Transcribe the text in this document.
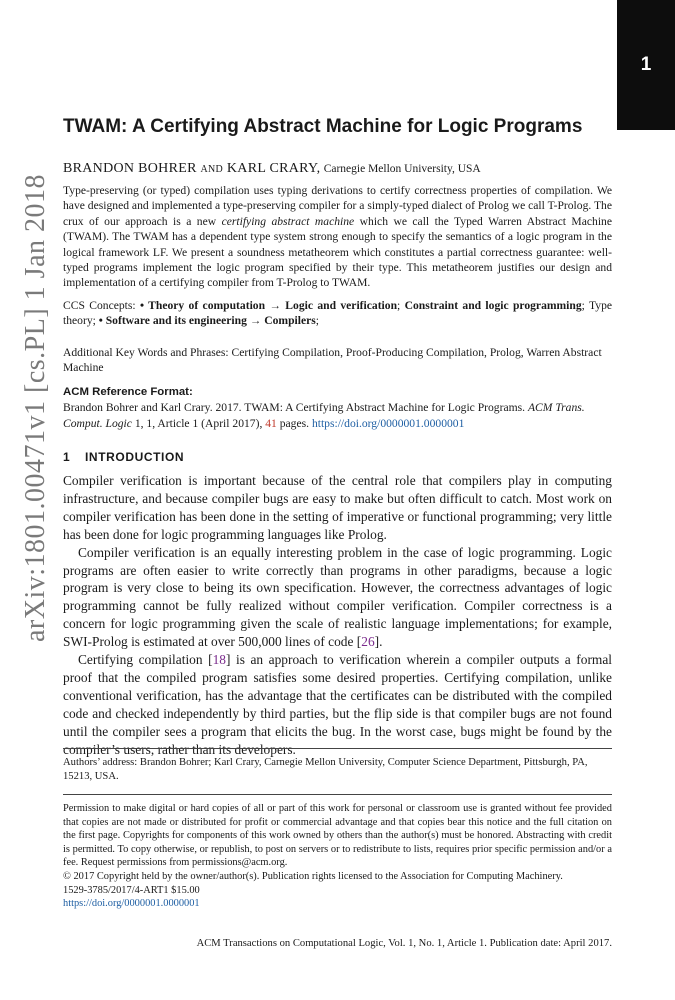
1
arXiv:1801.00471v1 [cs.PL] 1 Jan 2018
TWAM: A Certifying Abstract Machine for Logic Programs
BRANDON BOHRER and KARL CRARY, Carnegie Mellon University, USA
Type-preserving (or typed) compilation uses typing derivations to certify correctness properties of compilation. We have designed and implemented a type-preserving compiler for a simply-typed dialect of Prolog we call T-Prolog. The crux of our approach is a new certifying abstract machine which we call the Typed Warren Abstract Machine (TWAM). The TWAM has a dependent type system strong enough to specify the semantics of a logic program in the logical framework LF. We present a soundness metatheorem which constitutes a partial correctness guarantee: well-typed programs implement the logic program specified by their type. This metatheorem justifies our design and implementation of a certifying compiler from T-Prolog to TWAM.
CCS Concepts: • Theory of computation → Logic and verification; Constraint and logic programming; Type theory; • Software and its engineering → Compilers;
Additional Key Words and Phrases: Certifying Compilation, Proof-Producing Compilation, Prolog, Warren Abstract Machine
ACM Reference Format:
Brandon Bohrer and Karl Crary. 2017. TWAM: A Certifying Abstract Machine for Logic Programs. ACM Trans. Comput. Logic 1, 1, Article 1 (April 2017), 41 pages. https://doi.org/0000001.0000001
1 INTRODUCTION

Compiler verification is important because of the central role that compilers play in computing infrastructure, and because compiler bugs are easy to make but often difficult to catch. Most work on compiler verification has been done in the setting of imperative or functional programming; very little has been done for logic programming languages like Prolog.

Compiler verification is an equally interesting problem in the case of logic programming. Logic programs are often easier to write correctly than programs in other paradigms, because a logic program is very close to being its own specification. However, the correctness advantages of logic programming cannot be fully realized without compiler verification. Compiler correctness is a concern for logic programming given the scale of realistic language implementations; for example, SWI-Prolog is estimated at over 500,000 lines of code [26].

Certifying compilation [18] is an approach to verification wherein a compiler outputs a formal proof that the compiled program satisfies some desired properties. Certifying compilation, unlike conventional verification, has the advantage that the certificates can be distributed with the compiled code and checked independently by third parties, but the flip side is that compiler bugs are not found until the compiler sees a program that elicits the bug. In the worst case, bugs might be found by the compiler’s users, rather than its developers.

Authors’ address: Brandon Bohrer; Karl Crary, Carnegie Mellon University, Computer Science Department, Pittsburgh, PA, 15213, USA.

Permission to make digital or hard copies of all or part of this work for personal or classroom use is granted without fee provided that copies are not made or distributed for profit or commercial advantage and that copies bear this notice and the full citation on the first page. Copyrights for components of this work owned by others than the author(s) must be honored. Abstracting with credit is permitted. To copy otherwise, or republish, to post on servers or to redistribute to lists, requires prior specific permission and/or a fee. Request permissions from permissions@acm.org.

© 2017 Copyright held by the owner/author(s). Publication rights licensed to the Association for Computing Machinery.

1529-3785/2017/4-ART1 $15.00

https://doi.org/0000001.0000001

ACM Transactions on Computational Logic, Vol. 1, No. 1, Article 1. Publication date: April 2017.
